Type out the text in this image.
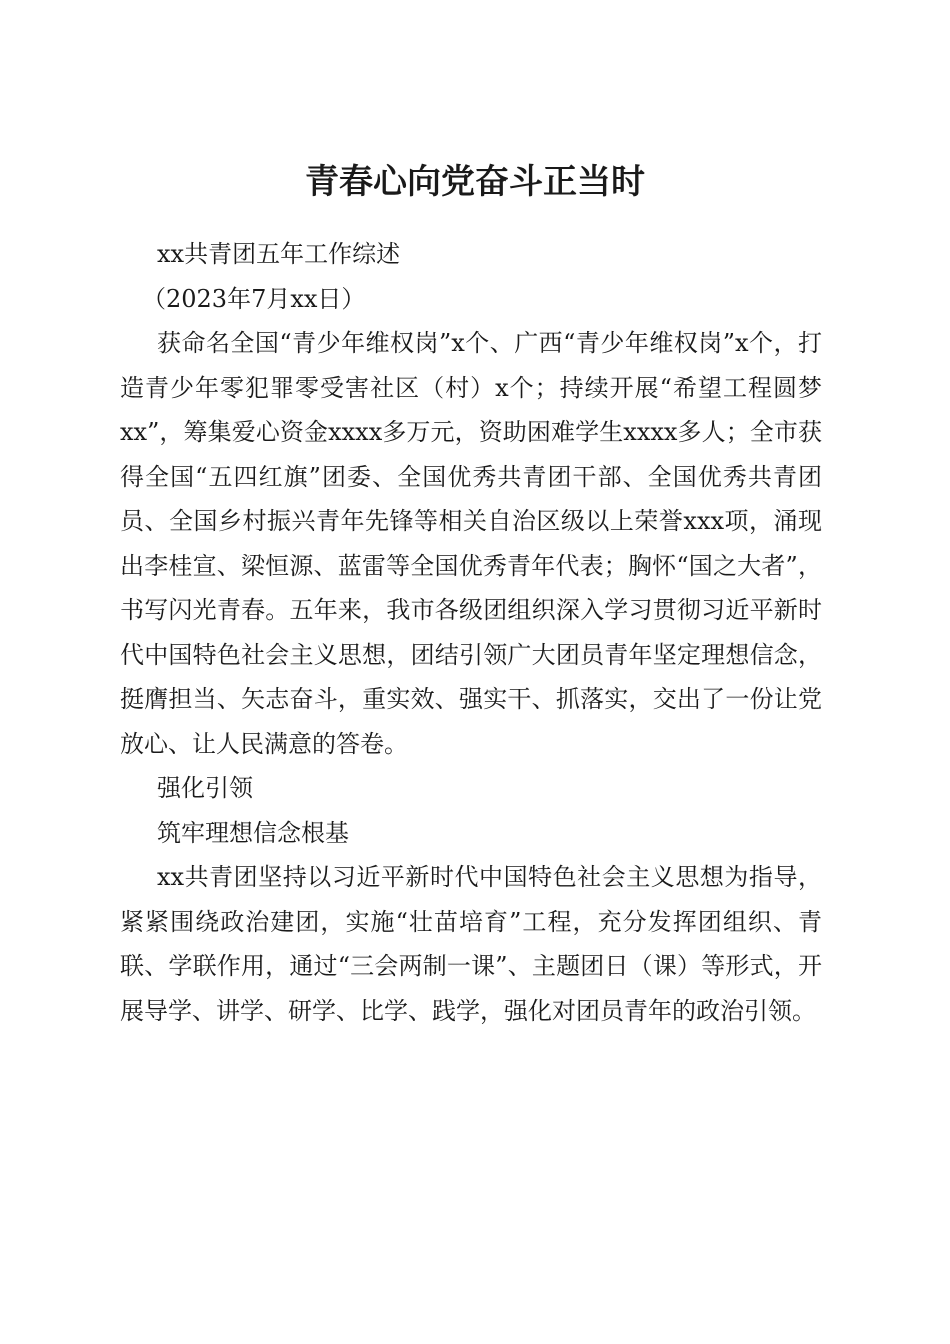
青春心向党奋斗正当时

xx共青团五年工作综述

（2023年7月xx日）

获命名全国“青少年维权岗”x个、广西“青少年维权岗”x个，打造青少年零犯罪零受害社区（村）x个；持续开展“希望工程圆梦xx”，筹集爱心资金xxxx多万元，资助困难学生xxxx多人；全市获得全国“五四红旗”团委、全国优秀共青团干部、全国优秀共青团员、全国乡村振兴青年先锋等相关自治区级以上荣誉xxx项，涌现出李桂宣、梁恒源、蓝雷等全国优秀青年代表；胸怀“国之大者”，书写闪光青春。五年来，我市各级团组织深入学习贯彻习近平新时代中国特色社会主义思想，团结引领广大团员青年坚定理想信念，挺膺担当、矢志奋斗，重实效、强实干、抓落实，交出了一份让党放心、让人民满意的答卷。

强化引领

筑牢理想信念根基

xx共青团坚持以习近平新时代中国特色社会主义思想为指导，紧紧围绕政治建团，实施“壮苗培育”工程，充分发挥团组织、青联、学联作用，通过“三会两制一课”、主题团日（课）等形式，开展导学、讲学、研学、比学、践学，强化对团员青年的政治引领。
